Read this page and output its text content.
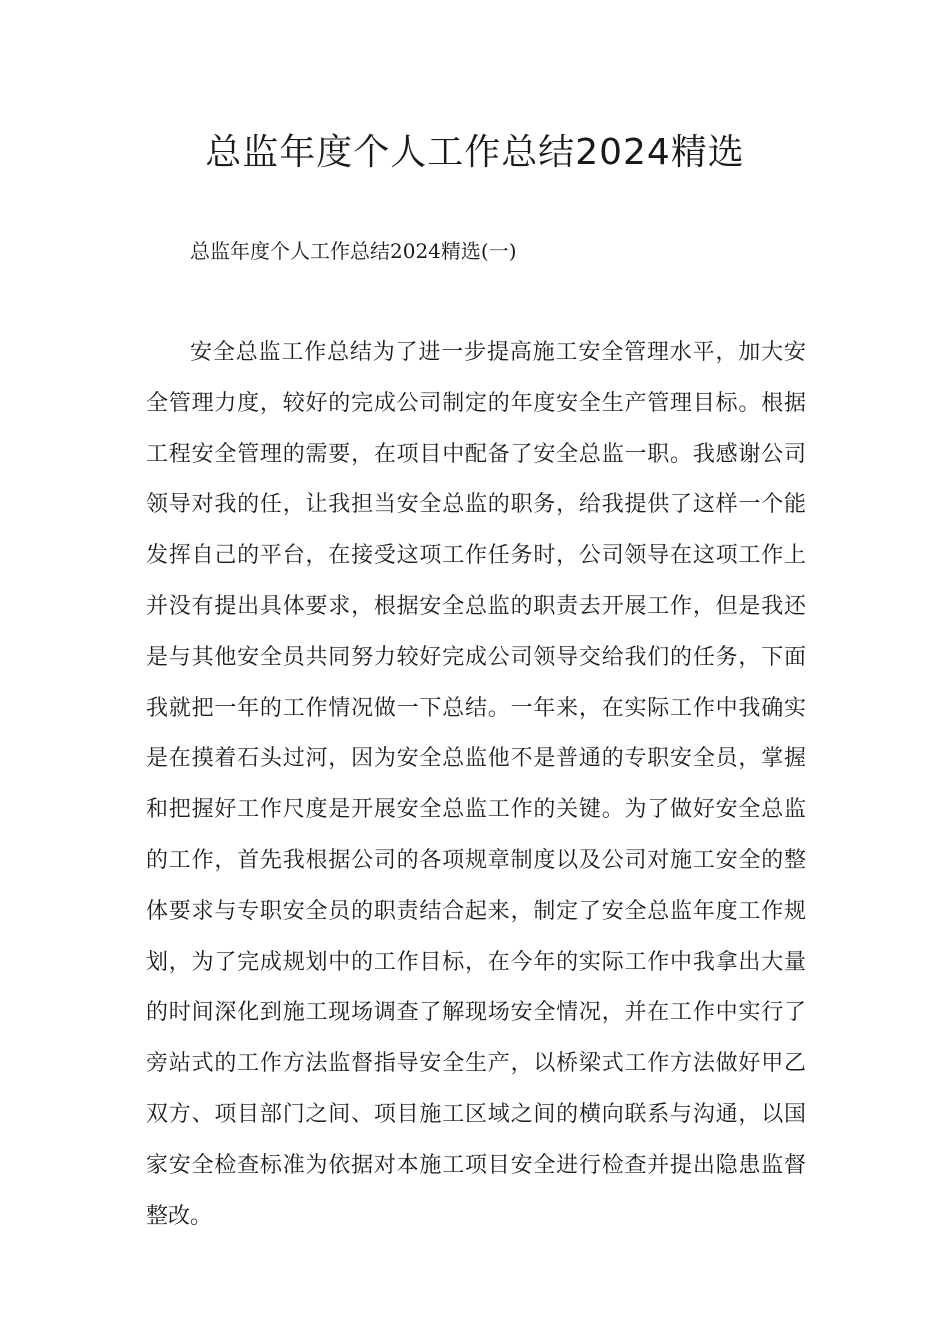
总监年度个人工作总结2024精选

总监年度个人工作总结2024精选(一)

安全总监工作总结为了进一步提高施工安全管理水平，加大安
全管理力度，较好的完成公司制定的年度安全生产管理目标。根据
工程安全管理的需要，在项目中配备了安全总监一职。我感谢公司
领导对我的任，让我担当安全总监的职务，给我提供了这样一个能
发挥自己的平台，在接受这项工作任务时，公司领导在这项工作上
并没有提出具体要求，根据安全总监的职责去开展工作，但是我还
是与其他安全员共同努力较好完成公司领导交给我们的任务，下面
我就把一年的工作情况做一下总结。一年来，在实际工作中我确实
是在摸着石头过河，因为安全总监他不是普通的专职安全员，掌握
和把握好工作尺度是开展安全总监工作的关键。为了做好安全总监
的工作，首先我根据公司的各项规章制度以及公司对施工安全的整
体要求与专职安全员的职责结合起来，制定了安全总监年度工作规
划，为了完成规划中的工作目标，在今年的实际工作中我拿出大量
的时间深化到施工现场调查了解现场安全情况，并在工作中实行了
旁站式的工作方法监督指导安全生产，以桥梁式工作方法做好甲乙
双方、项目部门之间、项目施工区域之间的横向联系与沟通，以国
家安全检查标准为依据对本施工项目安全进行检查并提出隐患监督
整改。
